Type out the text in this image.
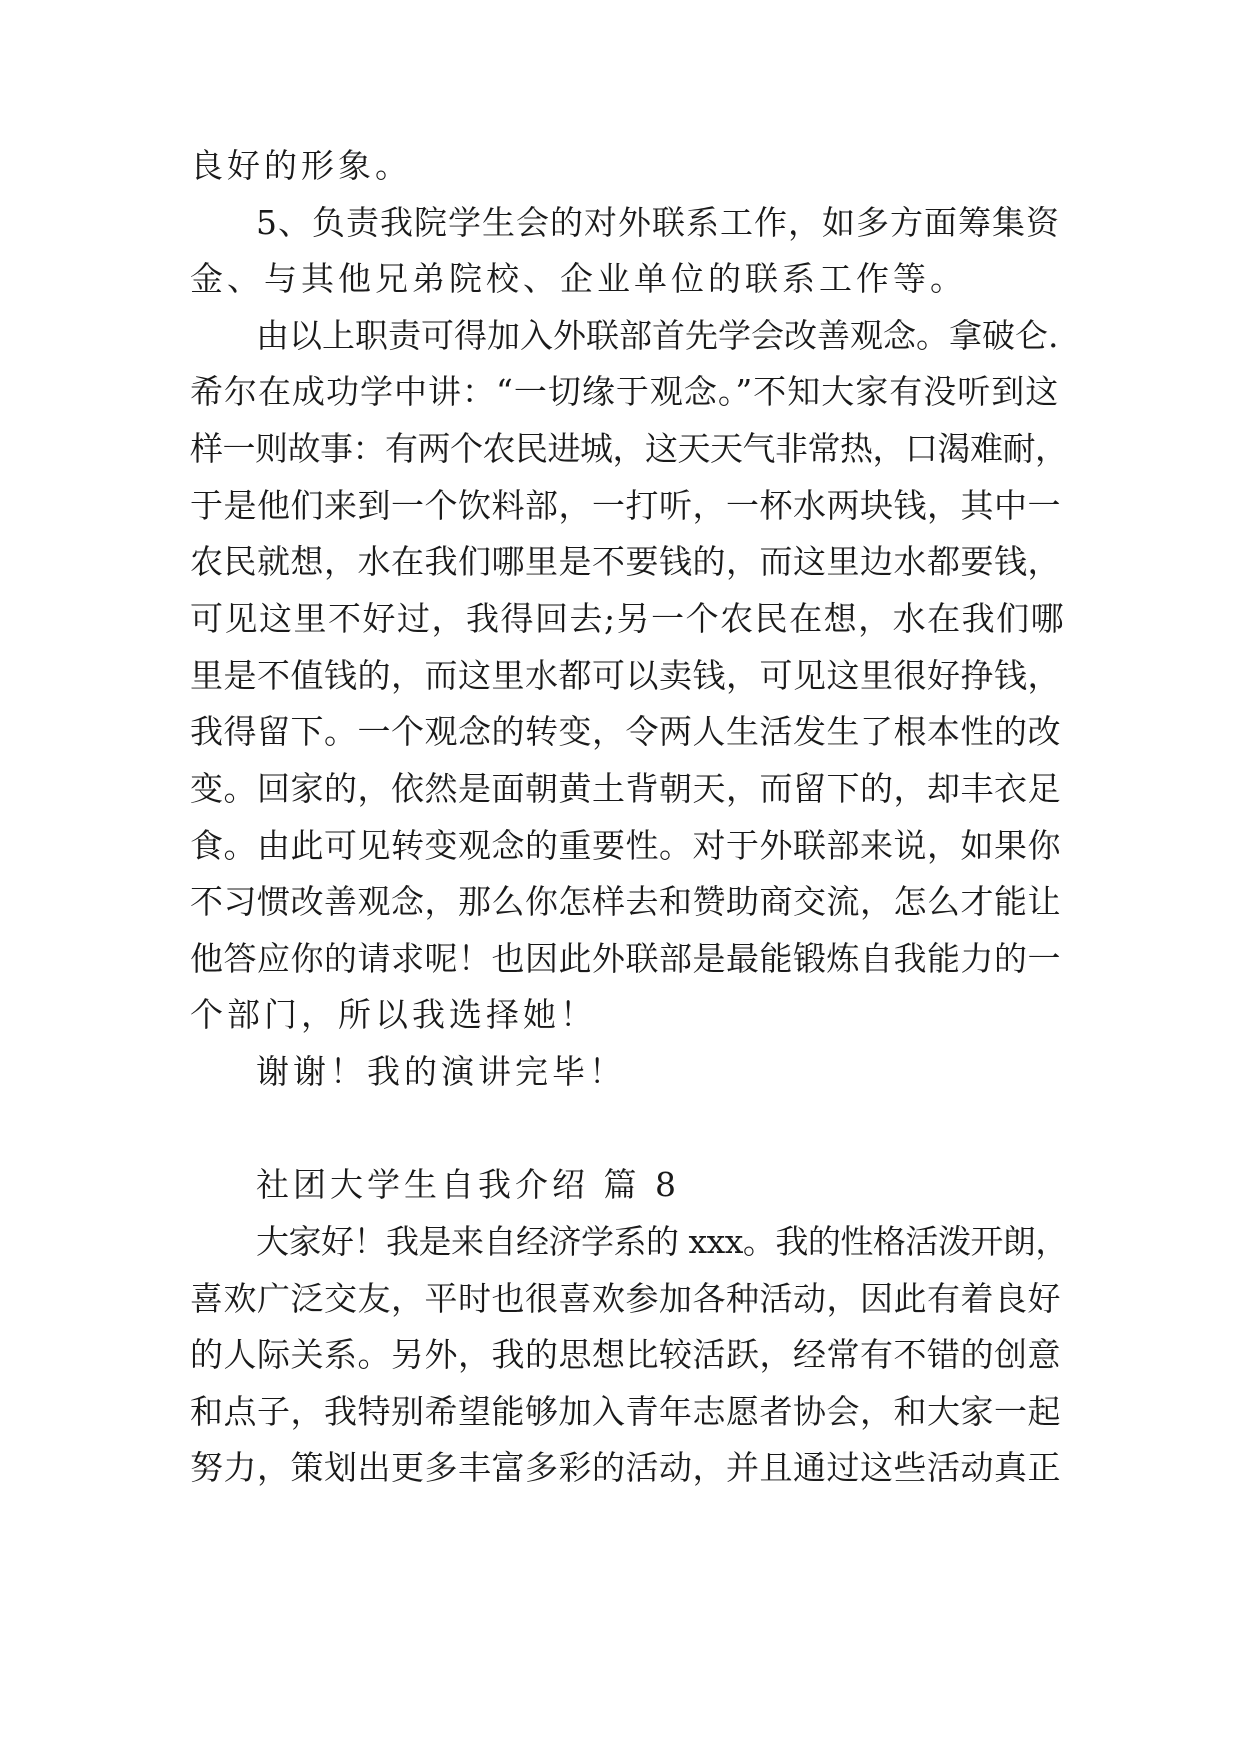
良好的形象。
5、负责我院学生会的对外联系工作，如多方面筹集资
金、与其他兄弟院校、企业单位的联系工作等。
由以上职责可得加入外联部首先学会改善观念。拿破仑.
希尔在成功学中讲：“一切缘于观念。”不知大家有没听到这
样一则故事：有两个农民进城，这天天气非常热，口渴难耐，
于是他们来到一个饮料部，一打听，一杯水两块钱，其中一
农民就想，水在我们哪里是不要钱的，而这里边水都要钱，
可见这里不好过，我得回去;另一个农民在想，水在我们哪
里是不值钱的，而这里水都可以卖钱，可见这里很好挣钱，
我得留下。一个观念的转变，令两人生活发生了根本性的改
变。回家的，依然是面朝黄土背朝天，而留下的，却丰衣足
食。由此可见转变观念的重要性。对于外联部来说，如果你
不习惯改善观念，那么你怎样去和赞助商交流，怎么才能让
他答应你的请求呢！也因此外联部是最能锻炼自我能力的一
个部门，所以我选择她！
谢谢！我的演讲完毕！
社团大学生自我介绍 篇 8
大家好！我是来自经济学系的 xxx。我的性格活泼开朗，
喜欢广泛交友，平时也很喜欢参加各种活动，因此有着良好
的人际关系。另外，我的思想比较活跃，经常有不错的创意
和点子，我特别希望能够加入青年志愿者协会，和大家一起
努力，策划出更多丰富多彩的活动，并且通过这些活动真正
